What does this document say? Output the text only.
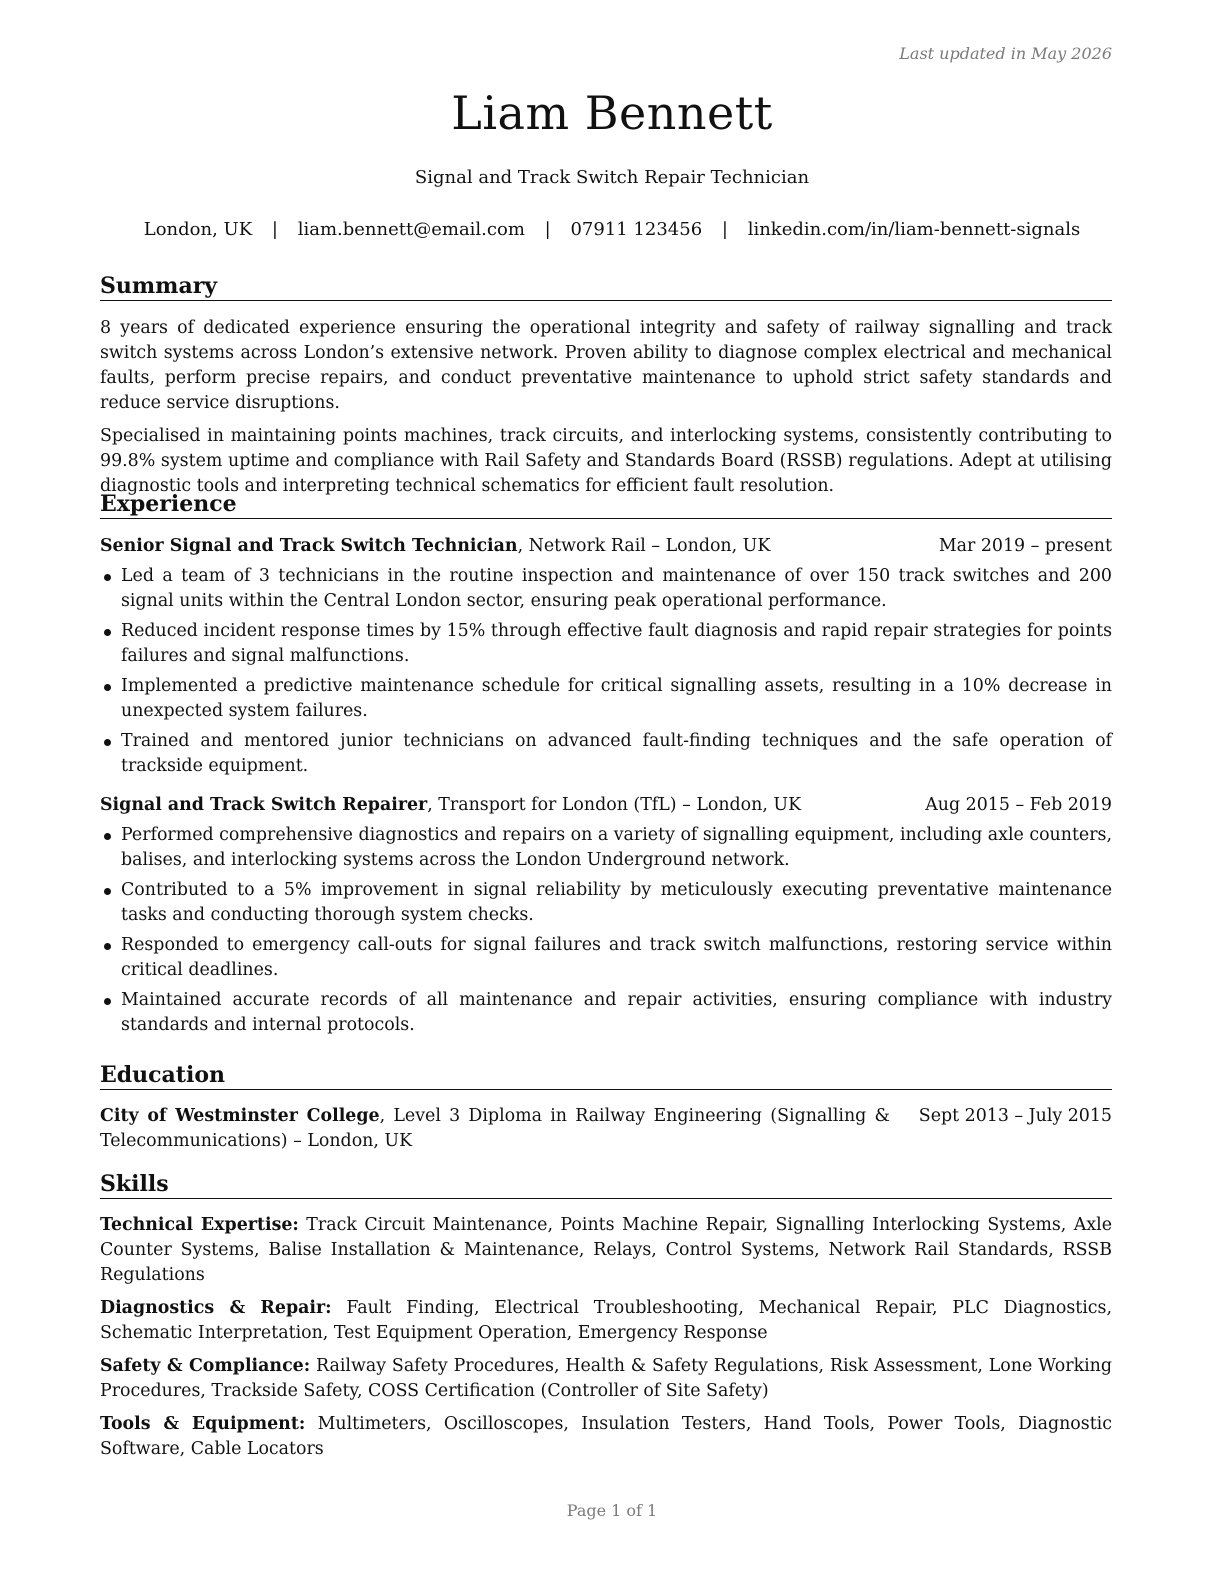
Last updated in May 2026
Liam Bennett
Signal and Track Switch Repair Technician
London, UK | liam.bennett@email.com | 07911 123456 | linkedin.com/in/liam-bennett-signals
Summary

8 years of dedicated experience ensuring the operational integrity and safety of railway signalling and track switch systems across London’s extensive network. Proven ability to diagnose complex electrical and mechanical faults, perform precise repairs, and conduct preventative maintenance to uphold strict safety standards and reduce service disruptions.

Specialised in maintaining points machines, track circuits, and interlocking systems, consistently contributing to 99.8% system uptime and compliance with Rail Safety and Standards Board (RSSB) regulations. Adept at utilising diagnostic tools and interpreting technical schematics for efficient fault resolution.

Experience
Senior Signal and Track Switch Technician, Network Rail – London, UK	Mar 2019 – present
Led a team of 3 technicians in the routine inspection and maintenance of over 150 track switches and 200 signal units within the Central London sector, ensuring peak operational performance.
Reduced incident response times by 15% through effective fault diagnosis and rapid repair strategies for points failures and signal malfunctions.
Implemented a predictive maintenance schedule for critical signalling assets, resulting in a 10% decrease in unexpected system failures.
Trained and mentored junior technicians on advanced fault-finding techniques and the safe operation of trackside equipment.
Signal and Track Switch Repairer, Transport for London (TfL) – London, UK	Aug 2015 – Feb 2019
Performed comprehensive diagnostics and repairs on a variety of signalling equipment, including axle counters, balises, and interlocking systems across the London Underground network.
Contributed to a 5% improvement in signal reliability by meticulously executing preventative maintenance tasks and conducting thorough system checks.
Responded to emergency call-outs for signal failures and track switch malfunctions, restoring service within critical deadlines.
Maintained accurate records of all maintenance and repair activities, ensuring compliance with industry standards and internal protocols.
Education
City of Westminster College, Level 3 Diploma in Railway Engineering (Signalling & Telecommunications) – London, UK
Sept 2013 – July 2015
Skills

Technical Expertise: Track Circuit Maintenance, Points Machine Repair, Signalling Interlocking Systems, Axle Counter Systems, Balise Installation & Maintenance, Relays, Control Systems, Network Rail Standards, RSSB Regulations

Diagnostics & Repair: Fault Finding, Electrical Troubleshooting, Mechanical Repair, PLC Diagnostics, Schematic Interpretation, Test Equipment Operation, Emergency Response

Safety & Compliance: Railway Safety Procedures, Health & Safety Regulations, Risk Assessment, Lone Working Procedures, Trackside Safety, COSS Certification (Controller of Site Safety)

Tools & Equipment: Multimeters, Oscilloscopes, Insulation Testers, Hand Tools, Power Tools, Diagnostic Software, Cable Locators

Page 1 of 1
